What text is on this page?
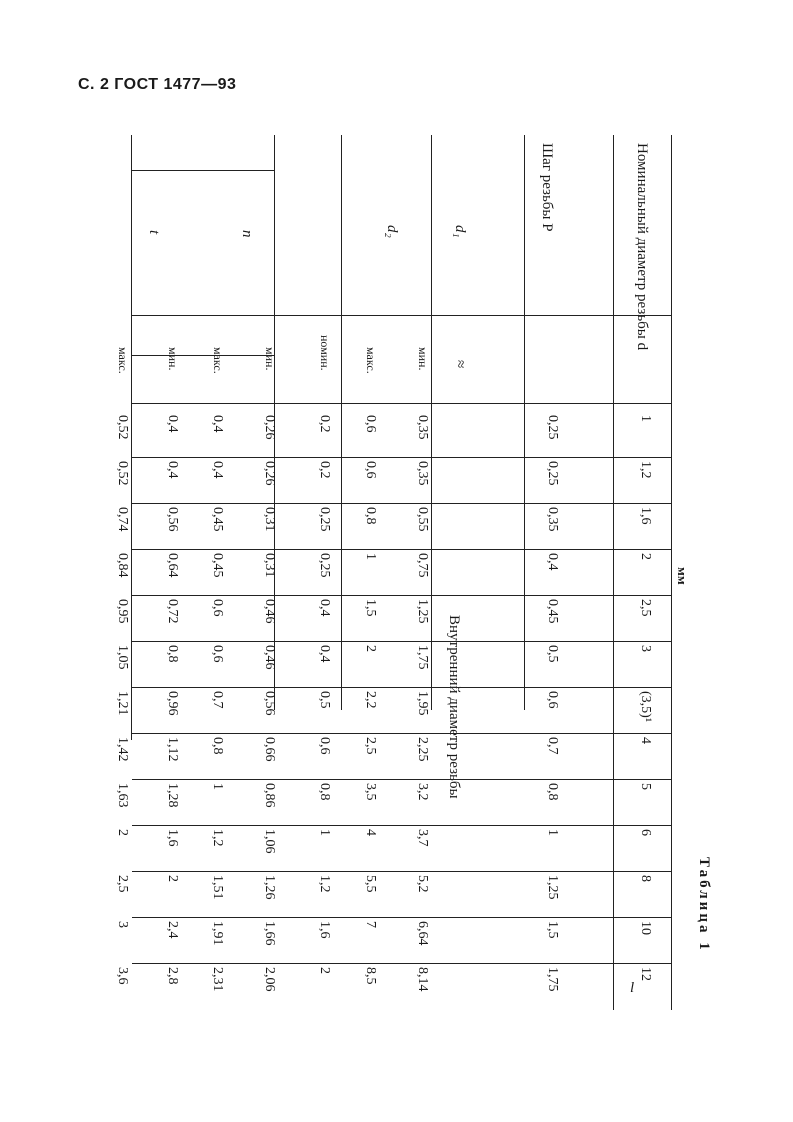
С. 2 ГОСТ 1477—93
Таблица 1
мм
Номинальный диаметр резьбы d
Шаг резьбы P
d₁
≈
Внутренний диаметр резьбы
d₂
мин.
макс.
номин.
n
мин.
макс.
t
мин.
макс.
1
1,2
1,6
2
2,5
3
(3,5)¹
4
5
6
8
10
12
0,25
0,25
0,35
0,4
0,45
0,5
0,6
0,7
0,8
1
1,25
1,5
1,75
0,35
0,35
0,55
0,75
1,25
1,75
1,95
2,25
3,2
3,7
5,2
6,64
8,14
0,6
0,6
0,8
1
1,5
2
2,2
2,5
3,5
4
5,5
7
8,5
0,2
0,2
0,25
0,25
0,4
0,4
0,5
0,6
0,8
1
1,2
1,6
2
0,26
0,26
0,31
0,31
0,46
0,46
0,56
0,66
0,86
1,06
1,26
1,66
2,06
0,4
0,4
0,45
0,45
0,6
0,6
0,7
0,8
1
1,2
1,51
1,91
2,31
0,4
0,4
0,56
0,64
0,72
0,8
0,96
1,12
1,28
1,6
2
2,4
2,8
0,52
0,52
0,74
0,84
0,95
1,05
1,21
1,42
1,63
2
2,5
3
3,6
l
